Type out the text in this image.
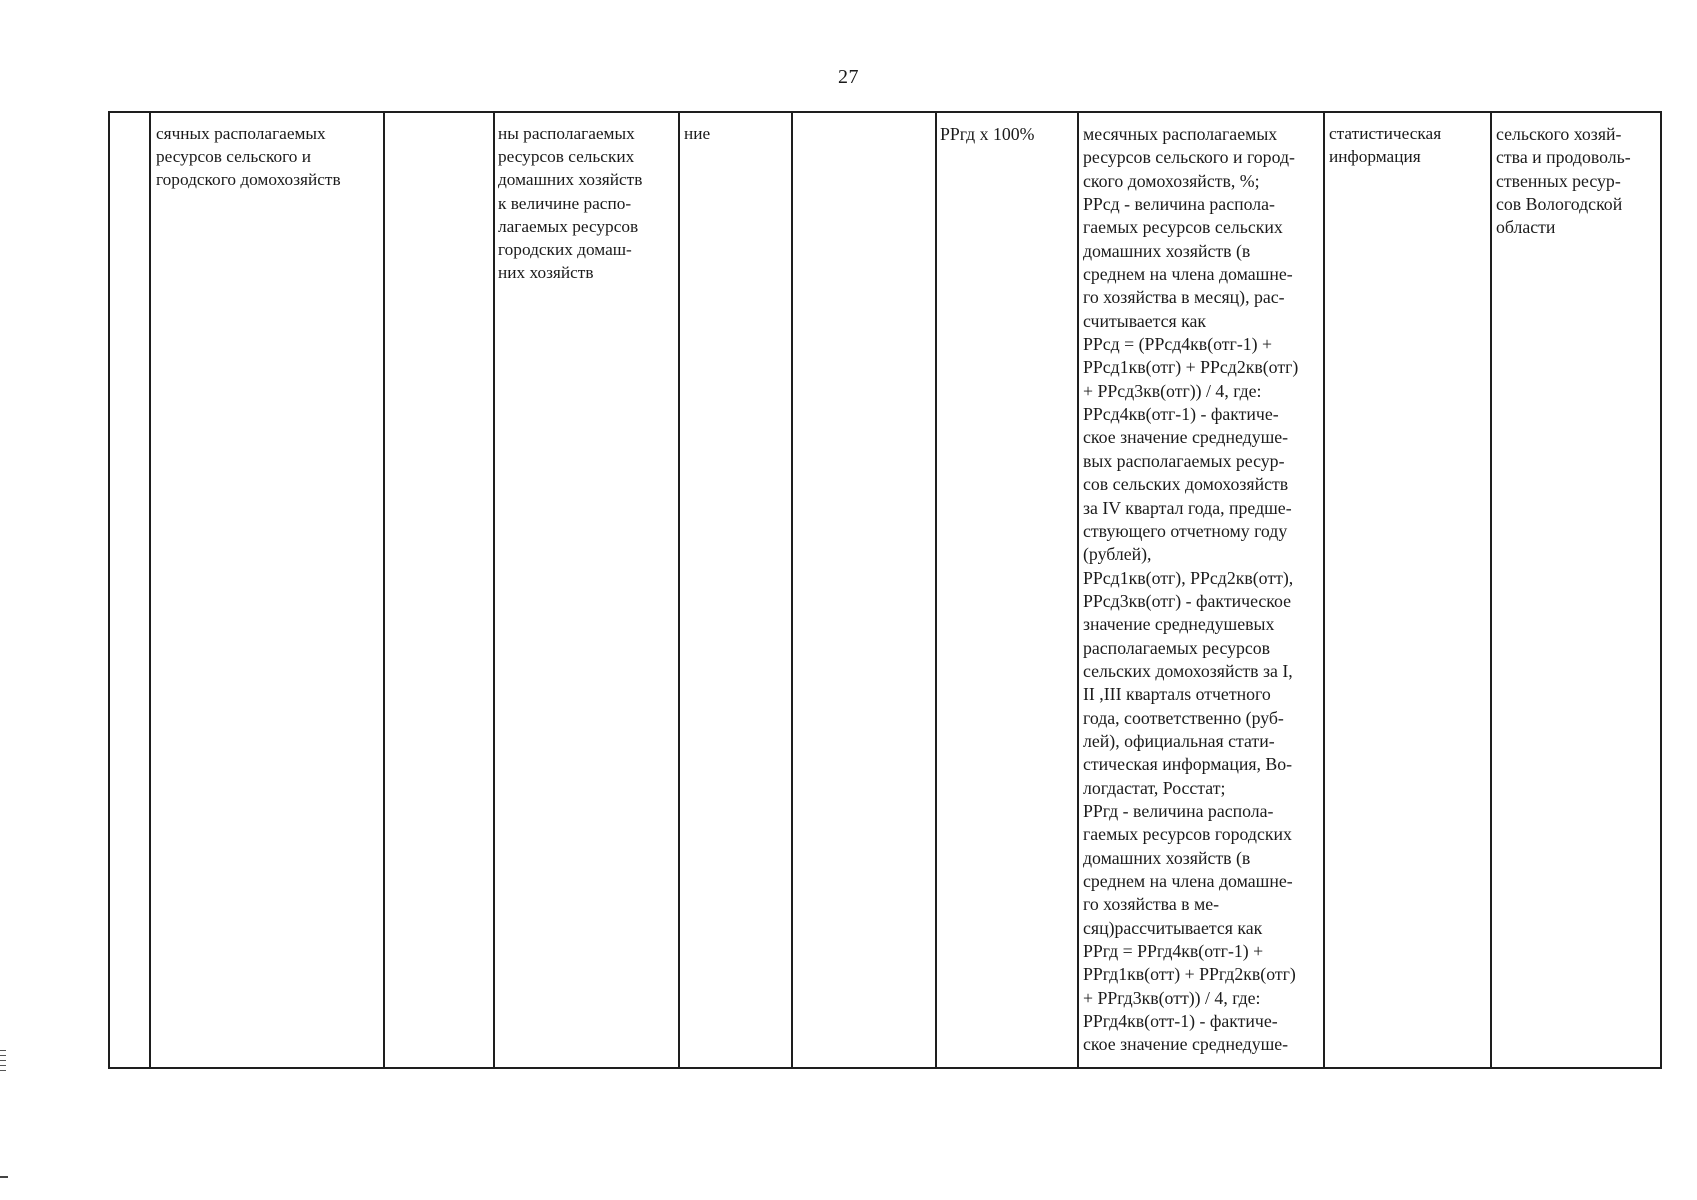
27
сячных располагаемых
ресурсов сельского и
городского домохозяйств
ны располагаемых
ресурсов сельских
домашних хозяйств
к величине распо-
лагаемых ресурсов
городских домаш-
них хозяйств
ние	РРгд х 100%	месячных располагаемых
ресурсов сельского и город-
ского домохозяйств, %;
РРсд - величина распола-
гаемых ресурсов сельских
домашних хозяйств (в
среднем на члена домашне-
го хозяйства в месяц), рас-
считывается как
РРсд = (РРсд4кв(отг-1) +
РРсд1кв(отг) + РРсд2кв(отг)
+ РРсд3кв(отг)) / 4, где:
РРсд4кв(отг-1) - фактиче-
ское значение среднедуше-
вых располагаемых ресур-
сов сельских домохозяйств
за IV квартал года, предше-
ствующего отчетному году
(рублей),
РРсд1кв(отг), РРсд2кв(отт),
РРсд3кв(отг) - фактическое
значение среднедушевых
располагаемых ресурсов
сельских домохозяйств за I,
II ,III кварталs отчетного
года, соответственно (руб-
лей), официальная стати-
стическая информация, Во-
логдастат, Росстат;
РРгд - величина распола-
гаемых ресурсов городских
домашних хозяйств (в
среднем на члена домашне-
го хозяйства в ме-
сяц)рассчитывается как
РРгд = РРгд4кв(отг-1) +
РРгд1кв(отт) + РРгд2кв(отг)
+ РРгд3кв(отт)) / 4, где:
РРгд4кв(отт-1) - фактиче-
ское значение среднедуше-
статистическая
информация
сельского хозяй-
ства и продоволь-
ственных ресур-
сов Вологодской
области
